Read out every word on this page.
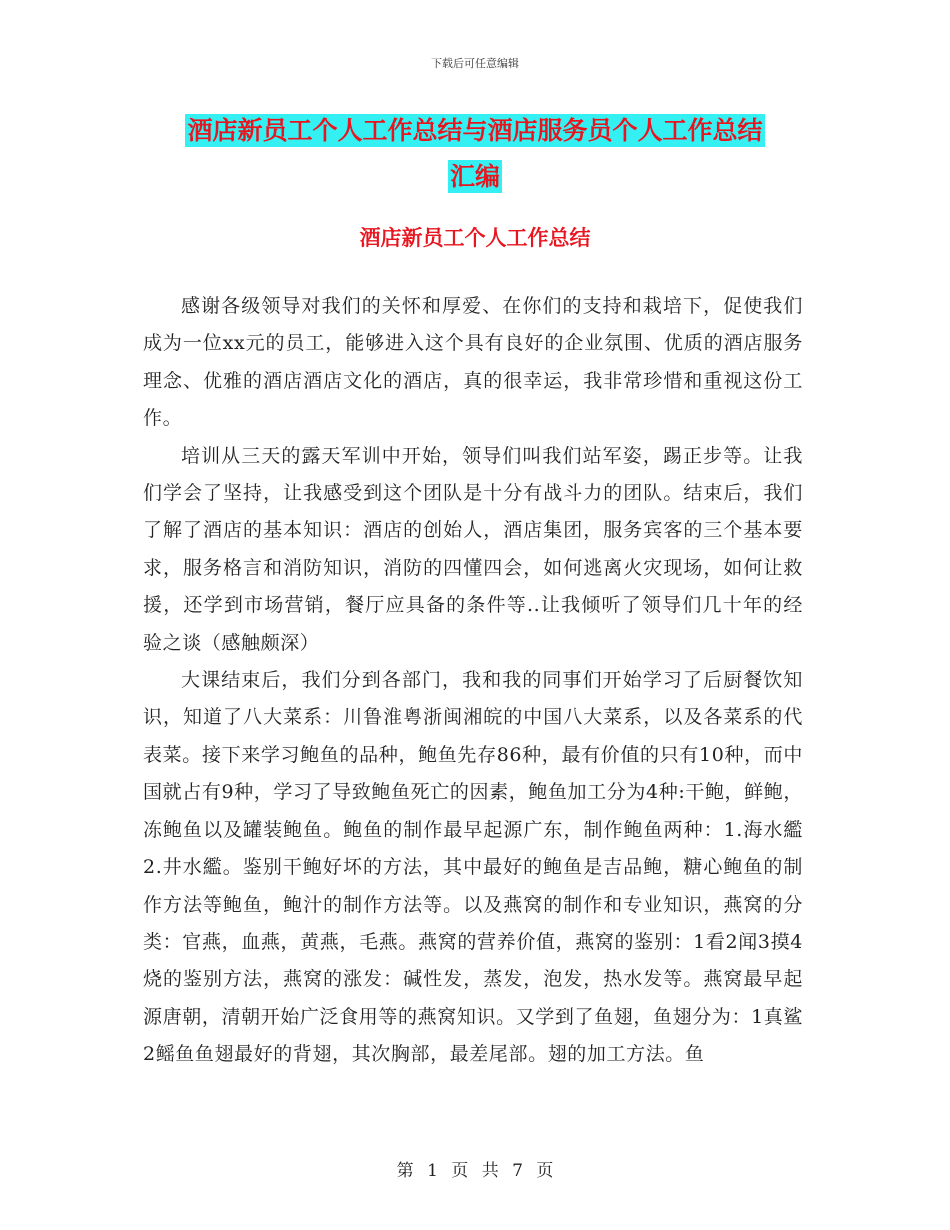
下载后可任意编辑
酒店新员工个人工作总结与酒店服务员个人工作总结
汇编
酒店新员工个人工作总结

感谢各级领导对我们的关怀和厚爱、在你们的支持和栽培下，促使我们成为一位xx元的员工，能够进入这个具有良好的企业氛围、优质的酒店服务理念、优雅的酒店酒店文化的酒店，真的很幸运，我非常珍惜和重视这份工作。

培训从三天的露天军训中开始，领导们叫我们站军姿，踢正步等。让我们学会了坚持，让我感受到这个团队是十分有战斗力的团队。结束后，我们了解了酒店的基本知识：酒店的创始人，酒店集团，服务宾客的三个基本要求，服务格言和消防知识，消防的四懂四会，如何逃离火灾现场，如何让救援，还学到市场营销，餐厅应具备的条件等..让我倾听了领导们几十年的经验之谈（感触颇深）

大课结束后，我们分到各部门，我和我的同事们开始学习了后厨餐饮知识，知道了八大菜系：川鲁淮粤浙闽湘皖的中国八大菜系，以及各菜系的代表菜。接下来学习鲍鱼的品种，鲍鱼先存86种，最有价值的只有10种，而中国就占有9种，学习了导致鲍鱼死亡的因素，鲍鱼加工分为4种:干鲍，鲜鲍，冻鲍鱼以及罐装鲍鱼。鲍鱼的制作最早起源广东，制作鲍鱼两种：1.海水繿2.井水繿。鉴别干鲍好坏的方法，其中最好的鲍鱼是吉品鲍，糖心鲍鱼的制作方法等鲍鱼，鲍汁的制作方法等。以及燕窝的制作和专业知识，燕窝的分类：官燕，血燕，黄燕，毛燕。燕窝的营养价值，燕窝的鉴别：1看2闻3摸4烧的鉴别方法，燕窝的涨发：碱性发，蒸发，泡发，热水发等。燕窝最早起源唐朝，清朝开始广泛食用等的燕窝知识。又学到了鱼翅，鱼翅分为：1真鲨2鳐鱼鱼翅最好的背翅，其次胸部，最差尾部。翅的加工方法。鱼

第 1 页 共 7 页
